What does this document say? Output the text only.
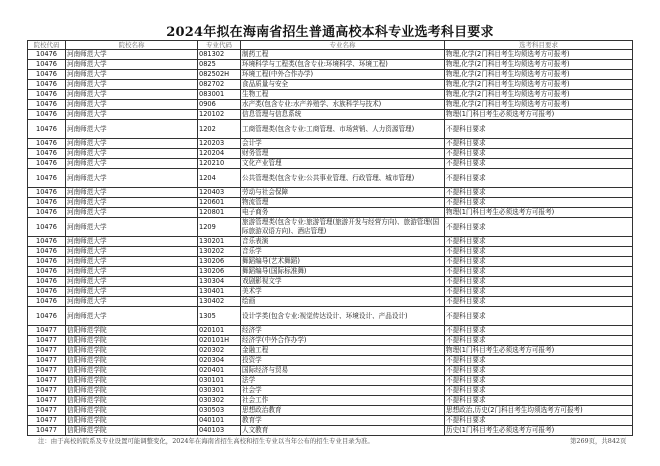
2024年拟在海南省招生普通高校本科专业选考科目要求
院校代码	院校名称	专业代码	专业名称	选考科目要求
10476	河南师范大学	081302	制药工程	物理,化学(2门科目考生均须选考方可报考)
10476	河南师范大学	0825	环境科学与工程类(包含专业:环境科学、环境工程)	物理,化学(2门科目考生均须选考方可报考)
10476	河南师范大学	082502H	环境工程(中外合作办学)	物理,化学(2门科目考生均须选考方可报考)
10476	河南师范大学	082702	食品质量与安全	物理,化学(2门科目考生均须选考方可报考)
10476	河南师范大学	083001	生物工程	物理,化学(2门科目考生均须选考方可报考)
10476	河南师范大学	0906	水产类(包含专业:水产养殖学、水族科学与技术)	物理,化学(2门科目考生均须选考方可报考)
10476	河南师范大学	120102	信息管理与信息系统	物理(1门科目考生必须选考方可报考)
10476	河南师范大学	1202	工商管理类(包含专业:工商管理、市场营销、人力资源管理)	不提科目要求
10476	河南师范大学	120203	会计学	不提科目要求
10476	河南师范大学	120204	财务管理	不提科目要求
10476	河南师范大学	120210	文化产业管理	不提科目要求
10476	河南师范大学	1204	公共管理类(包含专业:公共事业管理、行政管理、城市管理)	不提科目要求
10476	河南师范大学	120403	劳动与社会保障	不提科目要求
10476	河南师范大学	120601	物流管理	不提科目要求
10476	河南师范大学	120801	电子商务	物理(1门科目考生必须选考方可报考)
10476	河南师范大学	1209	旅游管理类(包含专业:旅游管理(旅游开发与经营方向)、旅游管理(国际旅游双语方向)、酒店管理)	不提科目要求
10476	河南师范大学	130201	音乐表演	不提科目要求
10476	河南师范大学	130202	音乐学	不提科目要求
10476	河南师范大学	130206	舞蹈编导(艺术舞蹈)	不提科目要求
10476	河南师范大学	130206	舞蹈编导(国际标准舞)	不提科目要求
10476	河南师范大学	130304	戏剧影视文学	不提科目要求
10476	河南师范大学	130401	美术学	不提科目要求
10476	河南师范大学	130402	绘画	不提科目要求
10476	河南师范大学	1305	设计学类(包含专业:视觉传达设计、环境设计、产品设计)	不提科目要求
10477	信阳师范学院	020101	经济学	不提科目要求
10477	信阳师范学院	020101H	经济学(中外合作办学)	不提科目要求
10477	信阳师范学院	020302	金融工程	物理(1门科目考生必须选考方可报考)
10477	信阳师范学院	020304	投资学	不提科目要求
10477	信阳师范学院	020401	国际经济与贸易	不提科目要求
10477	信阳师范学院	030101	法学	不提科目要求
10477	信阳师范学院	030301	社会学	不提科目要求
10477	信阳师范学院	030302	社会工作	不提科目要求
10477	信阳师范学院	030503	思想政治教育	思想政治,历史(2门科目考生均须选考方可报考)
10477	信阳师范学院	040101	教育学	不提科目要求
10477	信阳师范学院	040103	人文教育	历史(1门科目考生必须选考方可报考)
注：由于高校的院系及专业设置可能调整变化，2024年在海南省招生高校和招生专业以当年公布的招生专业目录为准。	第269页，共842页
